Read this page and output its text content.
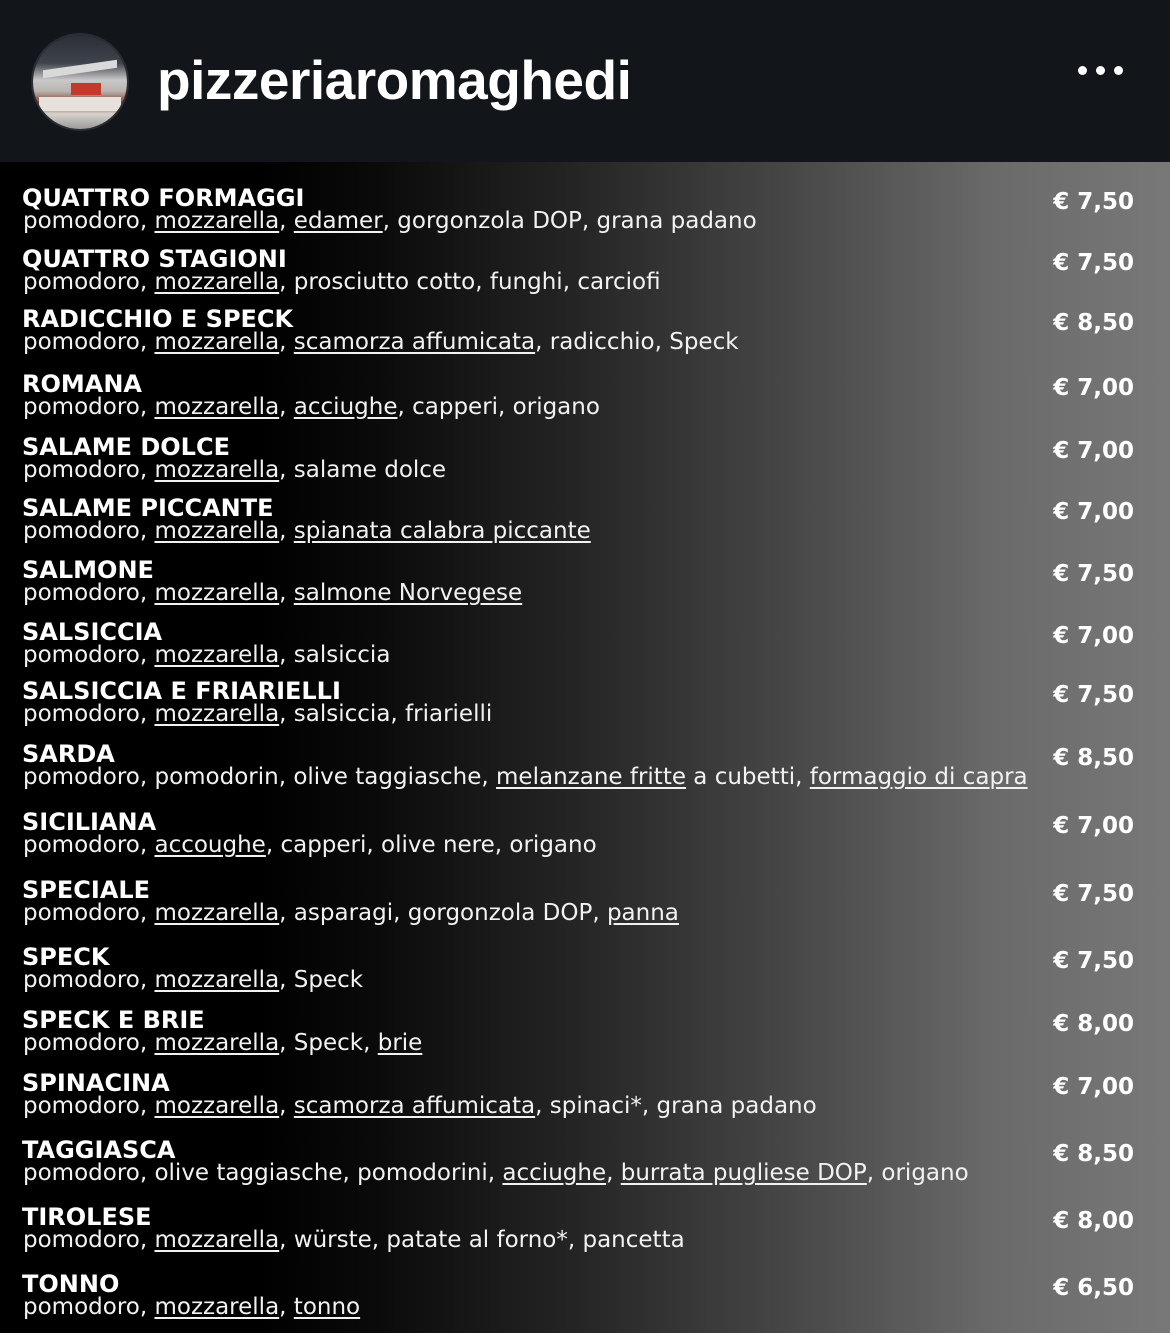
pizzeriaromaghedi
QUATTRO FORMAGGI
pomodoro, mozzarella, edamer, gorgonzola DOP, grana padano
€ 7,50
QUATTRO STAGIONI
pomodoro, mozzarella, prosciutto cotto, funghi, carciofi
€ 7,50
RADICCHIO E SPECK
pomodoro, mozzarella, scamorza affumicata, radicchio, Speck
€ 8,50
ROMANA
pomodoro, mozzarella, acciughe, capperi, origano
€ 7,00
SALAME DOLCE
pomodoro, mozzarella, salame dolce
€ 7,00
SALAME PICCANTE
pomodoro, mozzarella, spianata calabra piccante
€ 7,00
SALMONE
pomodoro, mozzarella, salmone Norvegese
€ 7,50
SALSICCIA
pomodoro, mozzarella, salsiccia
€ 7,00
SALSICCIA E FRIARIELLI
pomodoro, mozzarella, salsiccia, friarielli
€ 7,50
SARDA
pomodoro, pomodorin, olive taggiasche, melanzane fritte a cubetti, formaggio di capra
€ 8,50
SICILIANA
pomodoro, accoughe, capperi, olive nere, origano
€ 7,00
SPECIALE
pomodoro, mozzarella, asparagi, gorgonzola DOP, panna
€ 7,50
SPECK
pomodoro, mozzarella, Speck
€ 7,50
SPECK E BRIE
pomodoro, mozzarella, Speck, brie
€ 8,00
SPINACINA
pomodoro, mozzarella, scamorza affumicata, spinaci*, grana padano
€ 7,00
TAGGIASCA
pomodoro, olive taggiasche, pomodorini, acciughe, burrata pugliese DOP, origano
€ 8,50
TIROLESE
pomodoro, mozzarella, würste, patate al forno*, pancetta
€ 8,00
TONNO
pomodoro, mozzarella, tonno
€ 6,50
